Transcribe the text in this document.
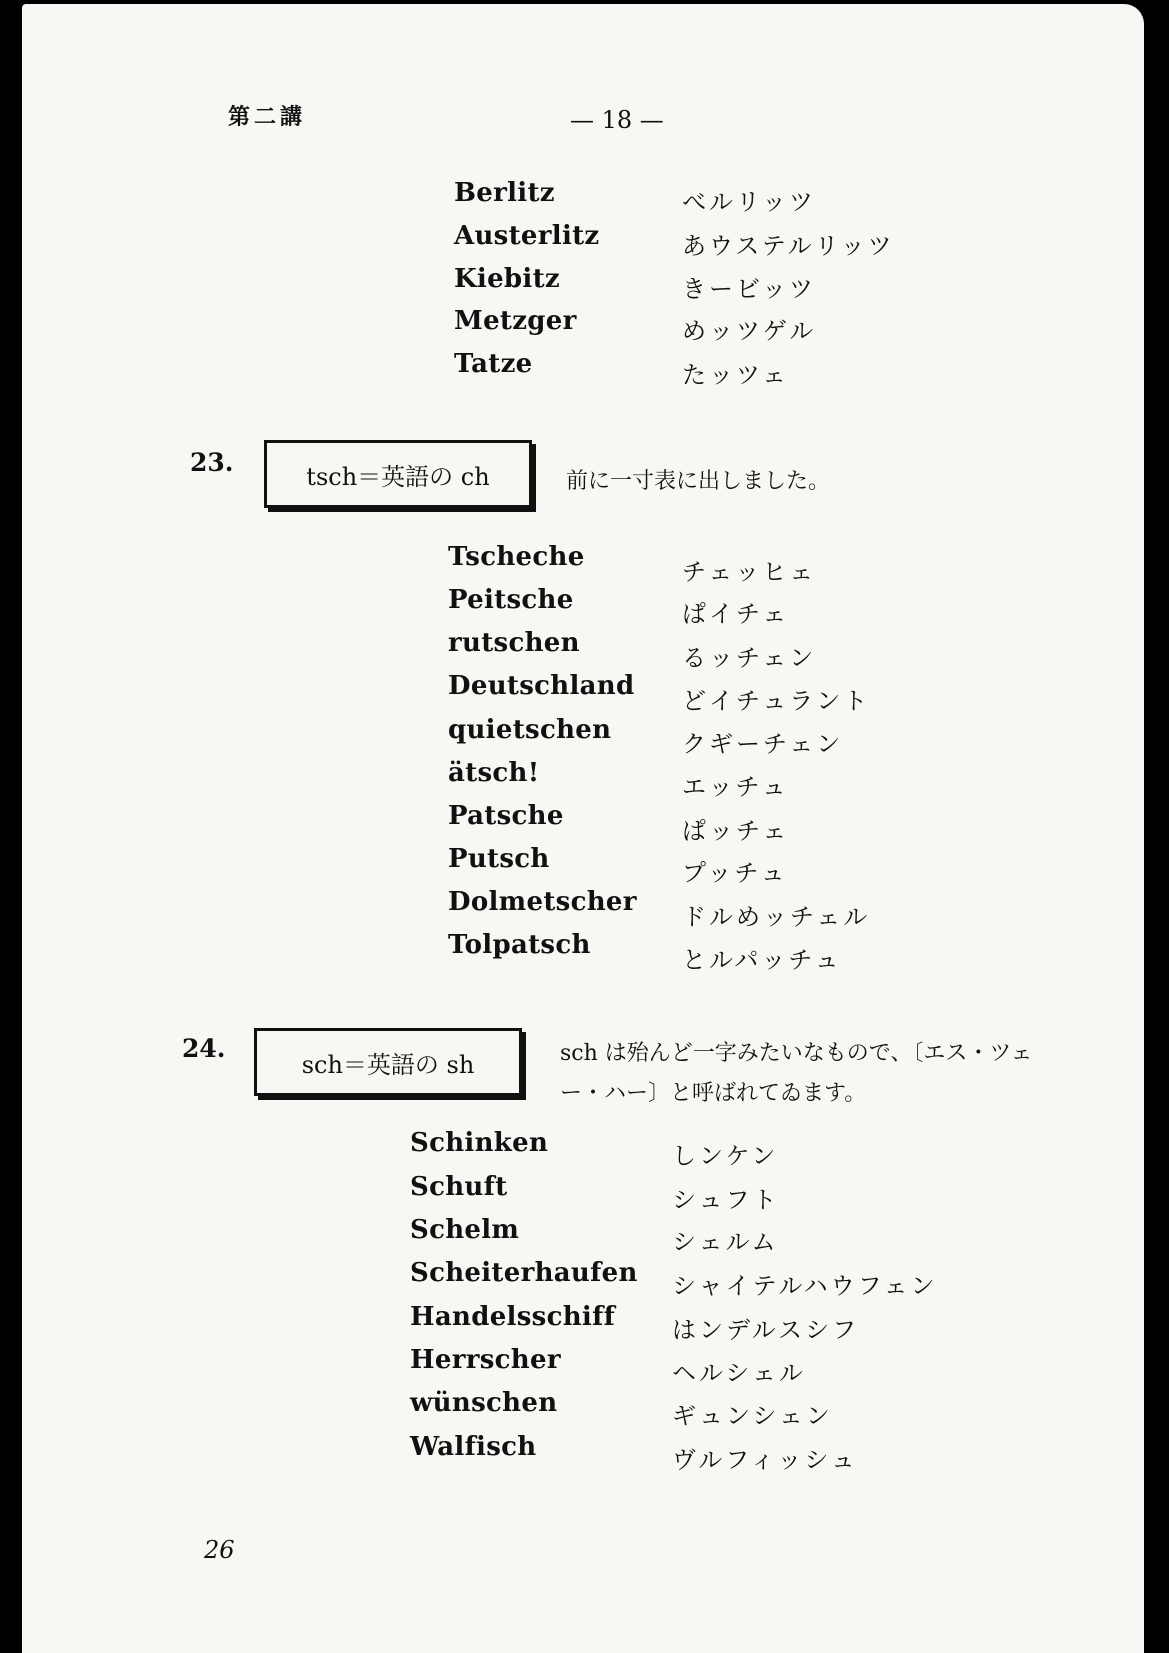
第二講	— 18 —
Berlitz	べルリッツ
Austerlitz	あウステルリッツ
Kiebitz	きービッツ
Metzger	めッツゲル
Tatze	たッツェ
23.	tsch＝英語の ch	前に一寸表に出しました。
Tscheche	チェッヒェ
Peitsche	ぱイチェ
rutschen	るッチェン
Deutschland どイチュラント
quietschen	クギーチェン
ätsch!	エッチュ
Patsche	ぱッチェ
Putsch	プッチュ
Dolmetscher ドルめッチェル
Tolpatsch	とルパッチュ
24.
sch＝英語の sh	sch は殆んど一字みたいなもので、〔エス・ツェー・ハー〕と呼ばれてゐます。
Schinken	しンケン
Schuft	シュフト
Schelm	シェルム
Scheiterhaufen シャイテルハウフェン
Handelsschiff はンデルスシフ
Herrscher	ヘルシェル
wünschen	ギュンシェン
Walfisch	ヴルフィッシュ
26
